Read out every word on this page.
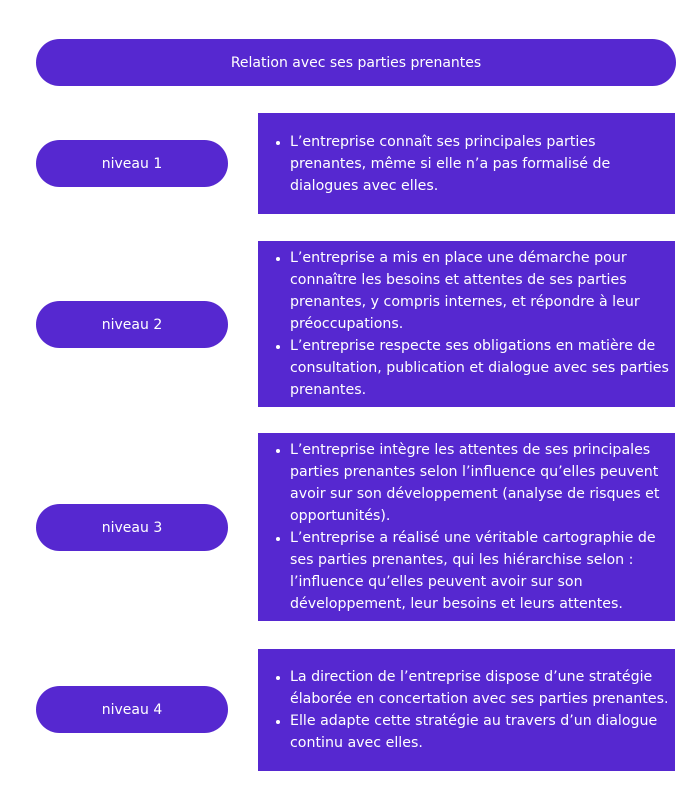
Relation avec ses parties prenantes
niveau 1
• L’entreprise connaît ses principales parties prenantes, même si elle n’a pas formalisé de dialogues avec elles.
niveau 2
• L’entreprise a mis en place une démarche pour connaître les besoins et attentes de ses parties prenantes, y compris internes, et répondre à leur préoccupations.
• L’entreprise respecte ses obligations en matière de consultation, publication et dialogue avec ses parties prenantes.
niveau 3
• L’entreprise intègre les attentes de ses principales parties prenantes selon l’influence qu’elles peuvent avoir sur son développement (analyse de risques et opportunités).
• L’entreprise a réalisé une véritable cartographie de ses parties prenantes, qui les hiérarchise selon : l’influence qu’elles peuvent avoir sur son développement, leur besoins et leurs attentes.
niveau 4
• La direction de l’entreprise dispose d’une stratégie élaborée en concertation avec ses parties prenantes.
• Elle adapte cette stratégie au travers d’un dialogue continu avec elles.
